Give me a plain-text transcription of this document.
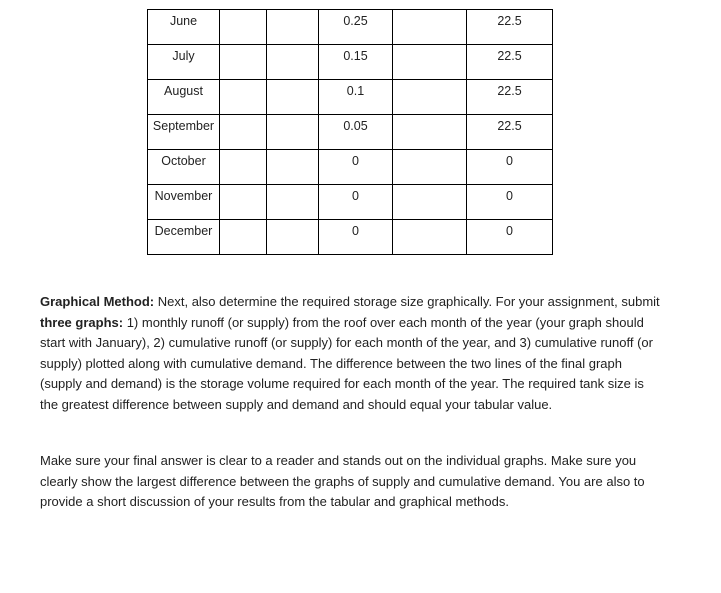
June			0.25		22.5

July			0.15		22.5

August			0.1		22.5

September			0.05		22.5

October			0		0

November			0		0

December			0		0

Graphical Method: Next, also determine the required storage size graphically. For your assignment, submit three graphs: 1) monthly runoff (or supply) from the roof over each month of the year (your graph should start with January), 2) cumulative runoff (or supply) for each month of the year, and 3) cumulative runoff (or supply) plotted along with cumulative demand. The difference between the two lines of the final graph (supply and demand) is the storage volume required for each month of the year. The required tank size is the greatest difference between supply and demand and should equal your tabular value.

Make sure your final answer is clear to a reader and stands out on the individual graphs. Make sure you clearly show the largest difference between the graphs of supply and cumulative demand. You are also to provide a short discussion of your results from the tabular and graphical methods.
